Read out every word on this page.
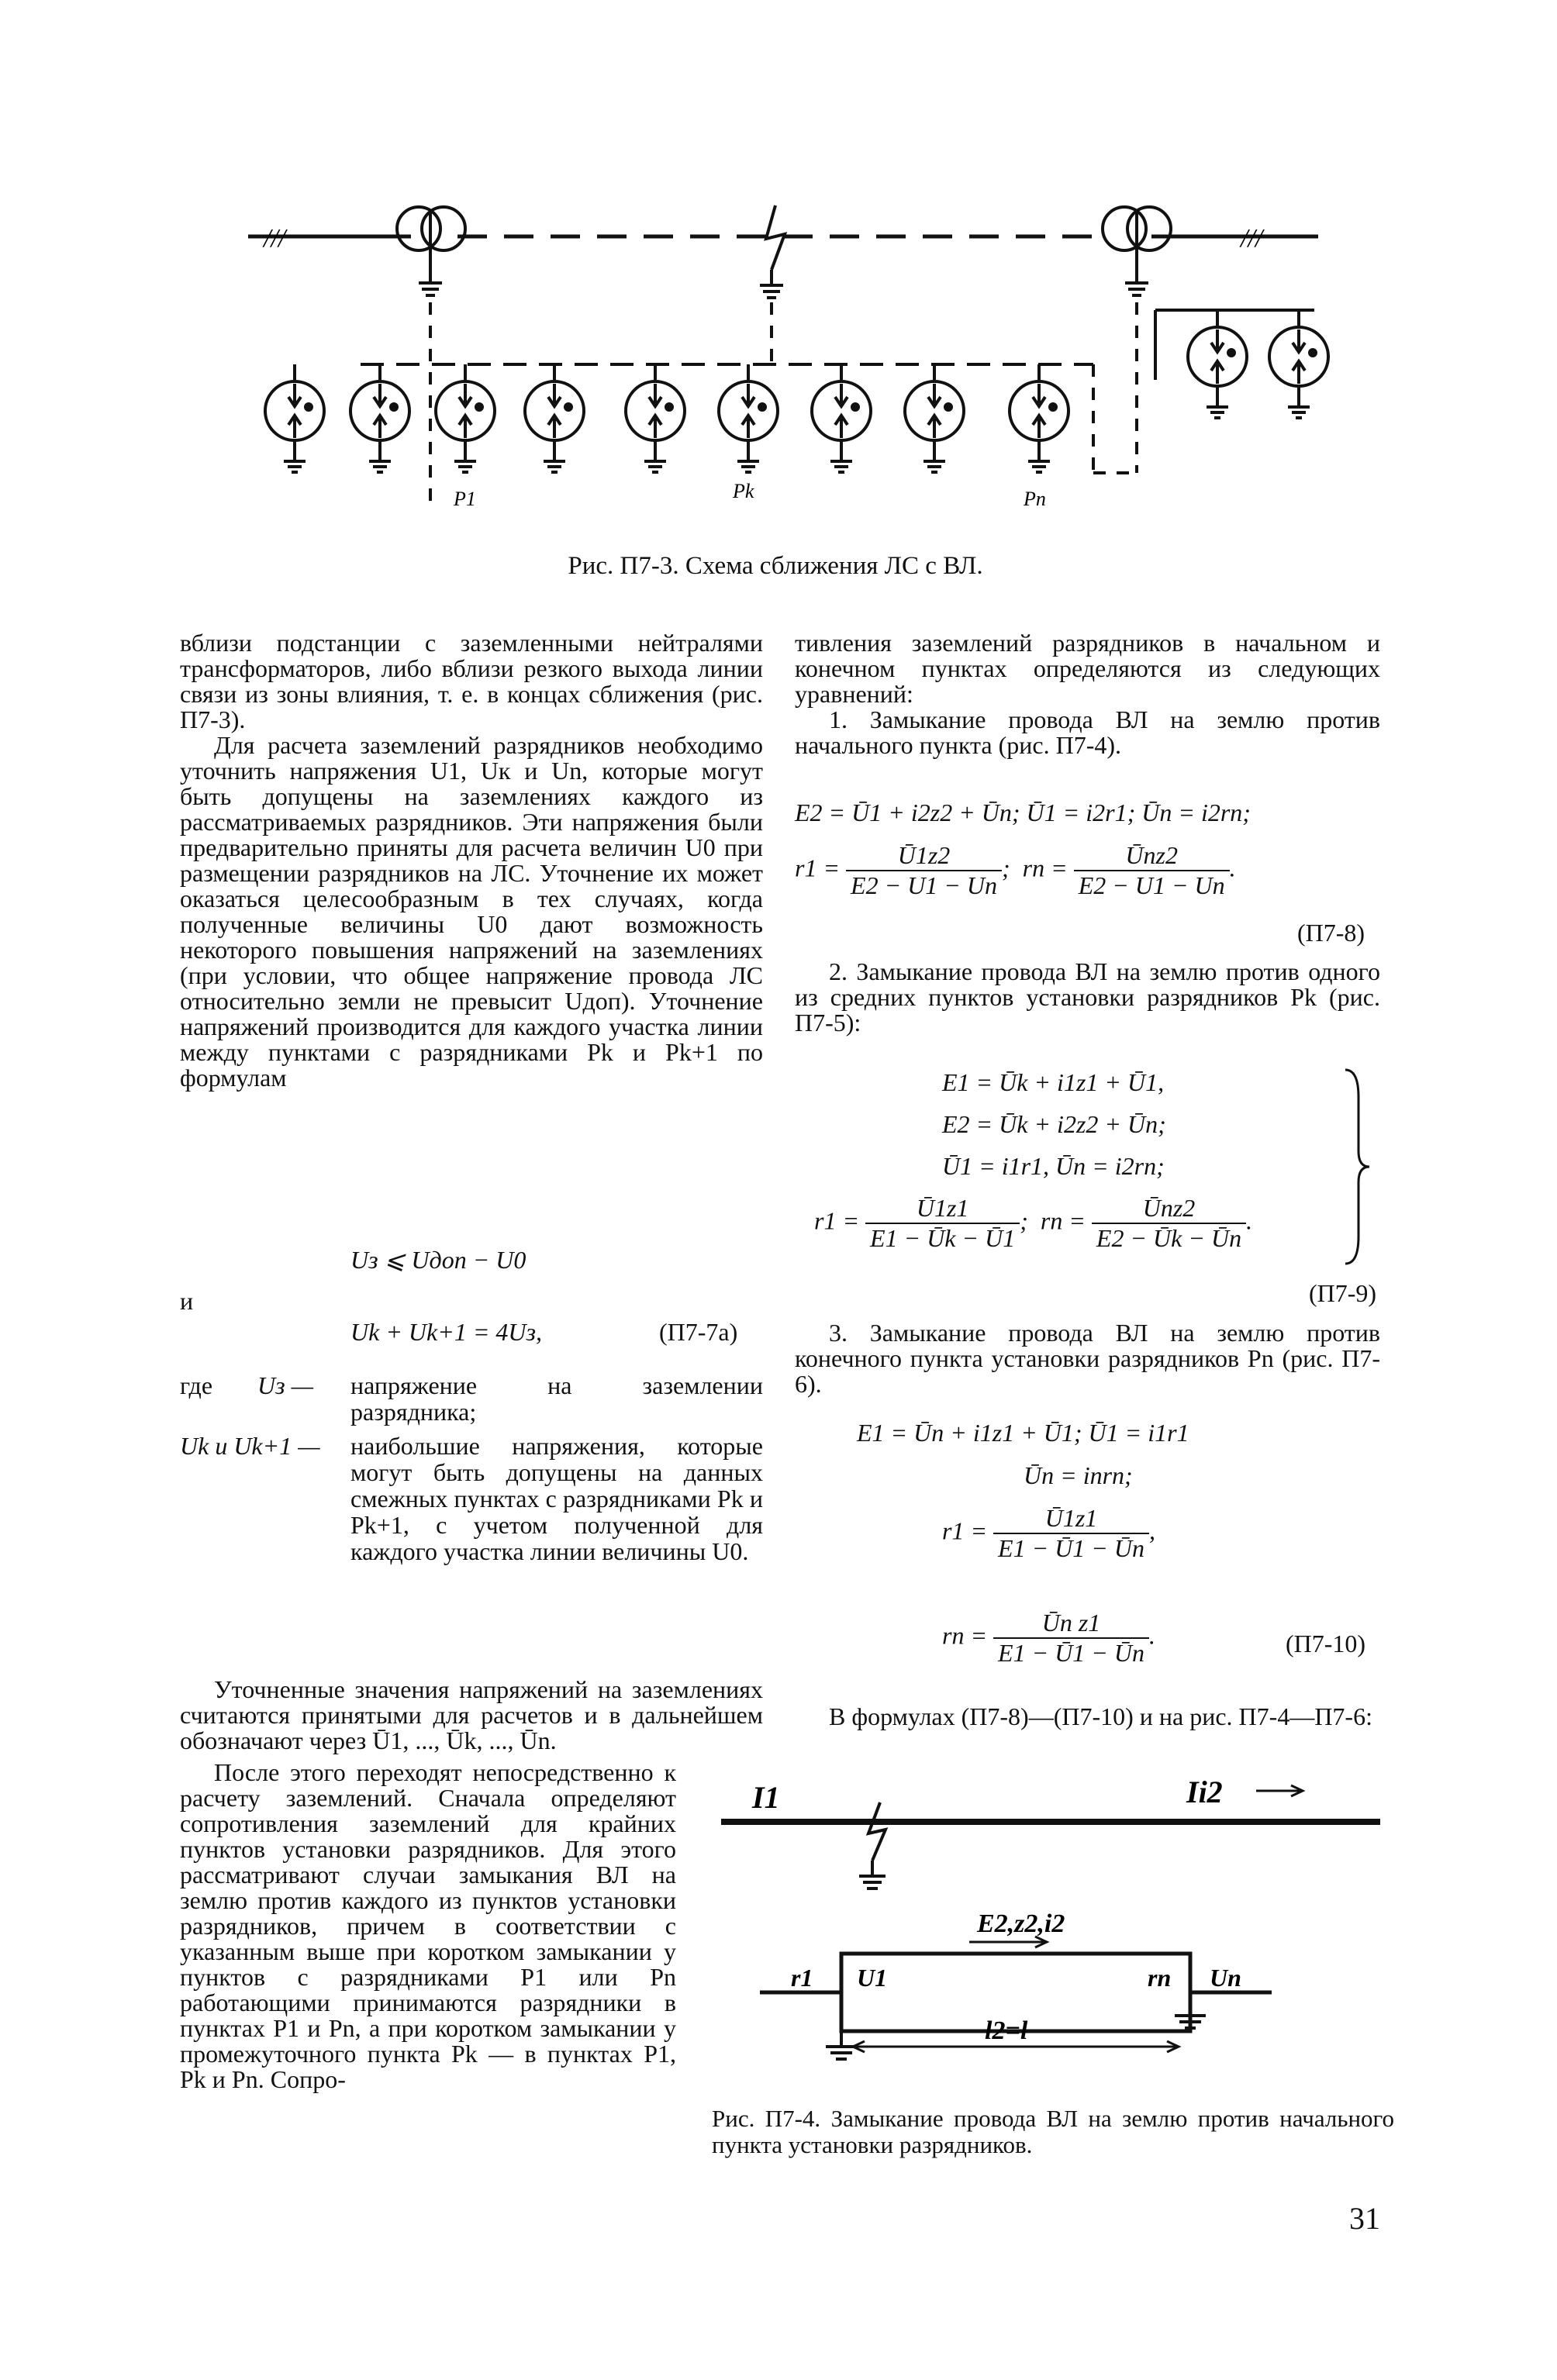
///	///
P1	Pk	Pn
Рис. П7-3. Схема сближения ЛС с ВЛ.

вблизи подстанции с заземленными нейтралями трансформаторов, либо вблизи резкого выхода линии связи из зоны влияния, т. е. в концах сближения (рис. П7-3).

Для расчета заземлений разрядников необходимо уточнить напряжения U1, Uк и Un, которые могут быть допущены на заземлениях каждого из рассматриваемых разрядников. Эти напряжения были предварительно приняты для расчета величин U0 при размещении разрядников на ЛС. Уточнение их может оказаться целесообразным в тех случаях, когда полученные величины U0 дают возможность некоторого повышения напряжений на заземлениях (при условии, что общее напряжение провода ЛС относительно земли не превысит Uдоп). Уточнение напряжений производится для каждого участка линии между пунктами с разрядниками Pk и Pk+1 по формулам

Uз ⩽ Uдоп − U0
и
Uk + Uk+1 = 4Uз,	(П7-7а)
где Uз — напряжение на заземлении разрядника;
Uk и Uk+1 — наибольшие напряжения, которые могут быть допущены на данных смежных пунктах с разрядниками Pk и Pk+1, с учетом полученной для каждого участка линии величины U0.

Уточненные значения напряжений на заземлениях считаются принятыми для расчетов и в дальнейшем обозначают через Ū1, ..., Ūk, ..., Ūn.

После этого переходят непосредственно к расчету заземлений. Сначала определяют сопротивления заземлений для крайних пунктов установки разрядников. Для этого рассматривают случаи замыкания ВЛ на землю против каждого из пунктов установки разрядников, причем в соответствии с указанным выше при коротком замыкании у пунктов с разрядниками P1 или Pn работающими принимаются разрядники в пунктах P1 и Pn, а при коротком замыкании у промежуточного пункта Pk — в пунктах P1, Pk и Pn. Сопро-

тивления заземлений разрядников в начальном и конечном пунктах определяются из следующих уравнений:

1. Замыкание провода ВЛ на землю против начального пункта (рис. П7-4).

E2 = Ū1 + i2z2 + Ūn; Ū1 = i2r1; Ūn = i2rn;
$r1 = \frac{Ū1z2}{E2 - U1 - Un}$ ;  rn = $\frac{\text{Ūnz2}}{E2 - U1 - Un}$ .
(П7-8)

2. Замыкание провода ВЛ на землю против одного из средних пунктов установки разрядников Pk (рис. П7-5):

E1 = Ūk + i1z1 + Ū1,
E2 = Ūk + i2z2 + Ūn;
Ū1 = i1r1, Ūn = i2rn;
$r1 = \frac{Ū1z1}{E1 - Ūk - Ū1}$ ;  rn = $\frac{\text{Ūnz2}}{E2 - Ūk - Ūn}$ .
(П7-9)

3. Замыкание провода ВЛ на землю против конечного пункта установки разрядников Pn (рис. П7-6).

E1 = Ūn + i1z1 + Ū1; Ū1 = i1r1
Ūn = inrn;
$r1 = \frac{Ū1z1}{E1 - Ū1 - Ūn}$ ,
rn = $\frac{\text{Ūn z1}}{E1 - Ū1 - Ūn}$ .	(П7-10)

В формулах (П7-8)—(П7-10) и на рис. П7-4—П7-6:

I1	Ii2
E2,z2,i2
r1 U1	rn Un
l2=l
Рис. П7-4. Замыкание провода ВЛ на землю против начального пункта установки разрядников.
31
